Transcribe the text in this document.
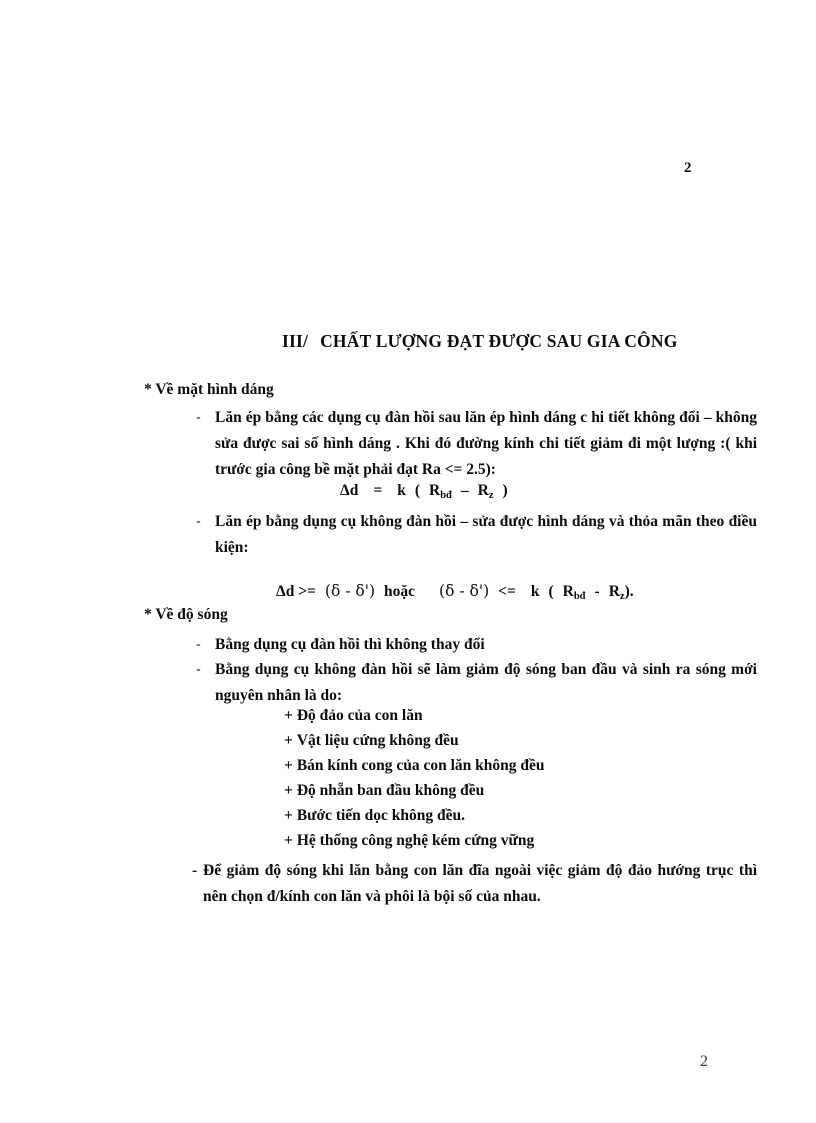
2
III/ CHẤT LƯỢNG ĐẠT ĐƯỢC SAU GIA CÔNG
* Về mặt hình dáng
- Lăn ép bằng các dụng cụ đàn hồi sau lăn ép hình dáng c hi tiết không đổi – không sửa được sai số hình dáng . Khi đó đường kính chi tiết giảm đi một lượng :( khi trước gia công bề mặt phải đạt Ra <= 2.5):
Δd = k ( $R_{bđ} - R_z$ )
- Lăn ép bằng dụng cụ không đàn hồi – sửa được hình dáng và thỏa mãn theo điều kiện:
Δd >= (δ - δ') hoặc (δ - δ') <= k ( $R_{bđ} - R_z$).
* Về độ sóng
- Bằng dụng cụ đàn hồi thì không thay đổi
- Bằng dụng cụ không đàn hồi sẽ làm giảm độ sóng ban đầu và sinh ra sóng mới nguyên nhân là do:
+ Độ đảo của con lăn
+ Vật liệu cứng không đều
+ Bán kính cong của con lăn không đều
+ Độ nhẵn ban đầu không đều
+ Bước tiến dọc không đều.
+ Hệ thống công nghệ kém cứng vững
- Để giảm độ sóng khi lăn bằng con lăn đĩa ngoài việc giảm độ đảo hướng trục thì nên chọn đ/kính con lăn và phôi là bội số của nhau.
2
